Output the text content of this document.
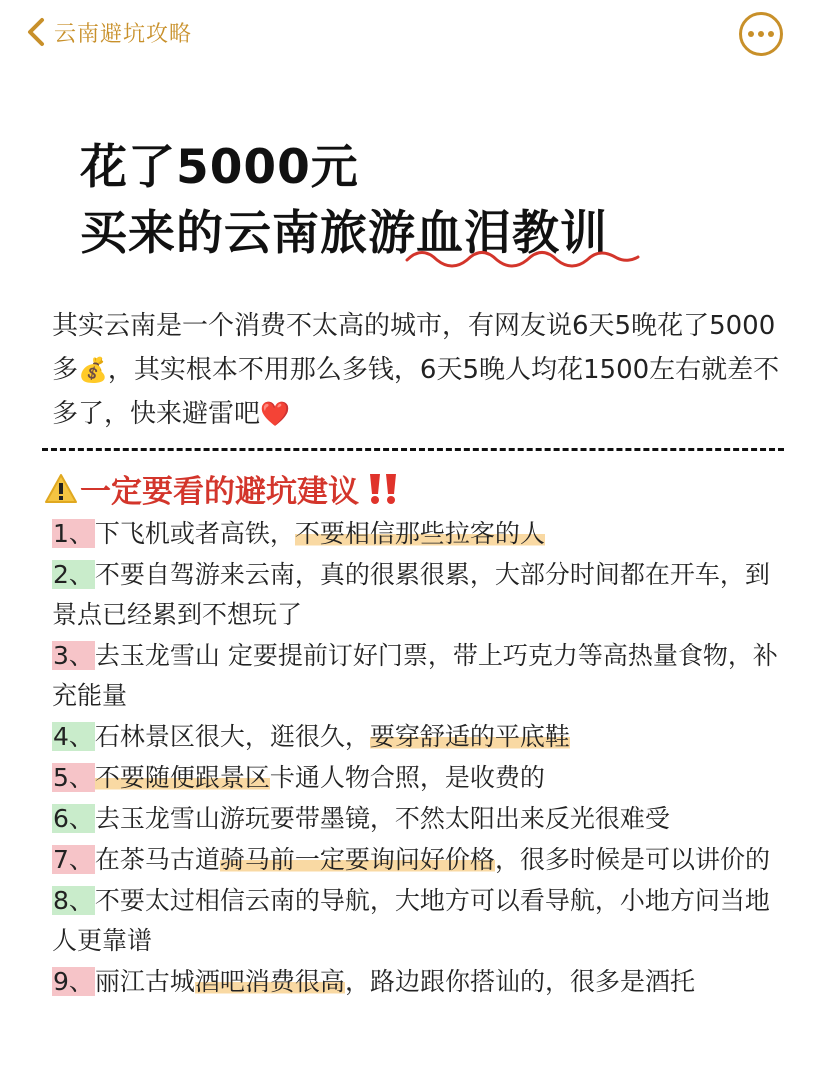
云南避坑攻略
花了5000元
买来的云南旅游血泪教训

其实云南是一个消费不太高的城市，有网友说6天5晚花了5000多💰，其实根本不用那么多钱，6天5晚人均花1500左右就差不多了，快来避雷吧❤️

一定要看的避坑建议
1、下飞机或者高铁，不要相信那些拉客的人
2、不要自驾游来云南，真的很累很累，大部分时间都在开车，到景点已经累到不想玩了
3、去玉龙雪山 定要提前订好门票，带上巧克力等高热量食物，补充能量
4、石林景区很大，逛很久，要穿舒适的平底鞋
5、不要随便跟景区卡通人物合照，是收费的
6、去玉龙雪山游玩要带墨镜，不然太阳出来反光很难受
7、在茶马古道骑马前一定要询问好价格，很多时候是可以讲价的
8、不要太过相信云南的导航，大地方可以看导航，小地方问当地人更靠谱
9、丽江古城酒吧消费很高，路边跟你搭讪的，很多是酒托
